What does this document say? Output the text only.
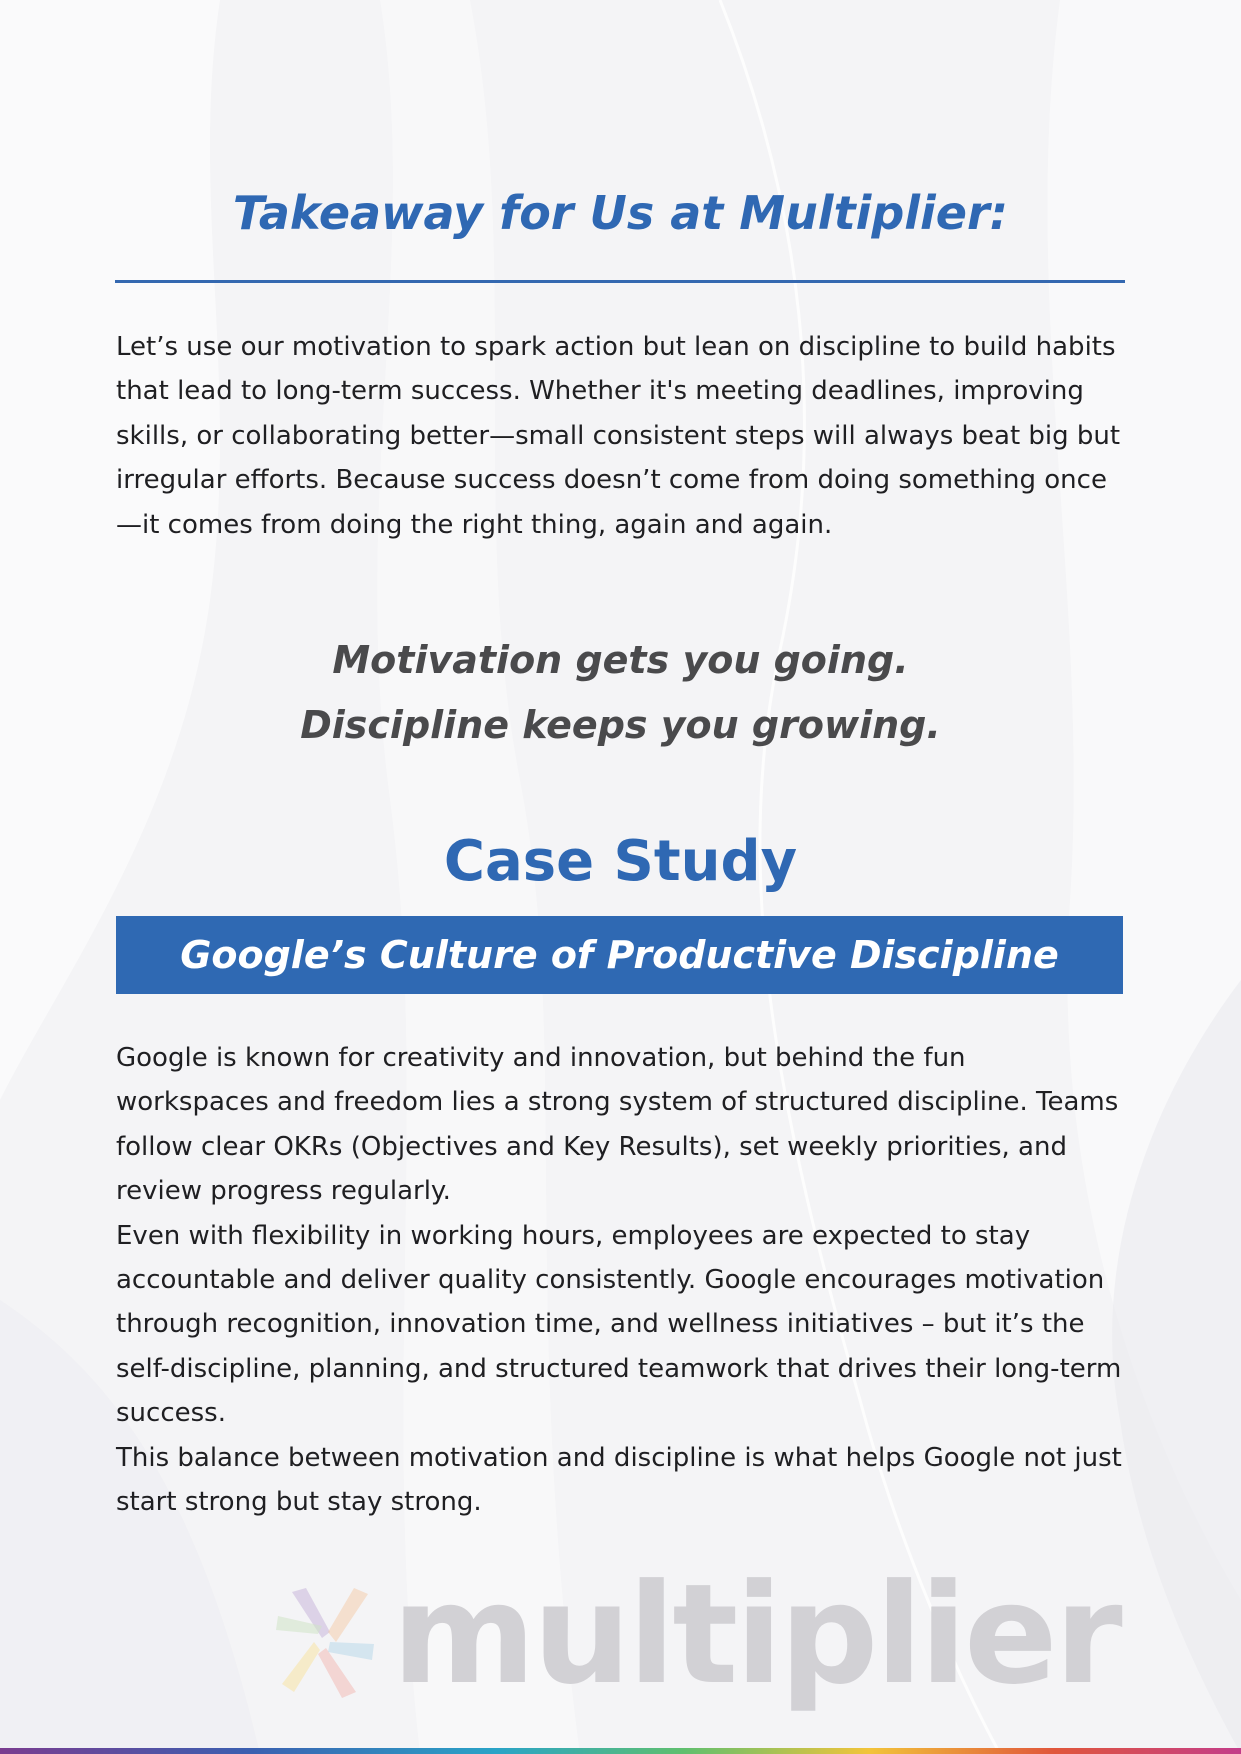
Takeaway for Us at Multiplier:

Let’s use our motivation to spark action but lean on discipline to build habits that lead to long-term success. Whether it's meeting deadlines, improving skills, or collaborating better—small consistent steps will always beat big but irregular efforts. Because success doesn’t come from doing something once—it comes from doing the right thing, again and again.

Motivation gets you going.
Discipline keeps you growing.
Case Study
Google’s Culture of Productive Discipline

Google is known for creativity and innovation, but behind the fun workspaces and freedom lies a strong system of structured discipline. Teams follow clear OKRs (Objectives and Key Results), set weekly priorities, and review progress regularly.

Even with flexibility in working hours, employees are expected to stay accountable and deliver quality consistently. Google encourages motivation through recognition, innovation time, and wellness initiatives – but it’s the self-discipline, planning, and structured teamwork that drives their long-term success.

This balance between motivation and discipline is what helps Google not just start strong but stay strong.

multiplier
